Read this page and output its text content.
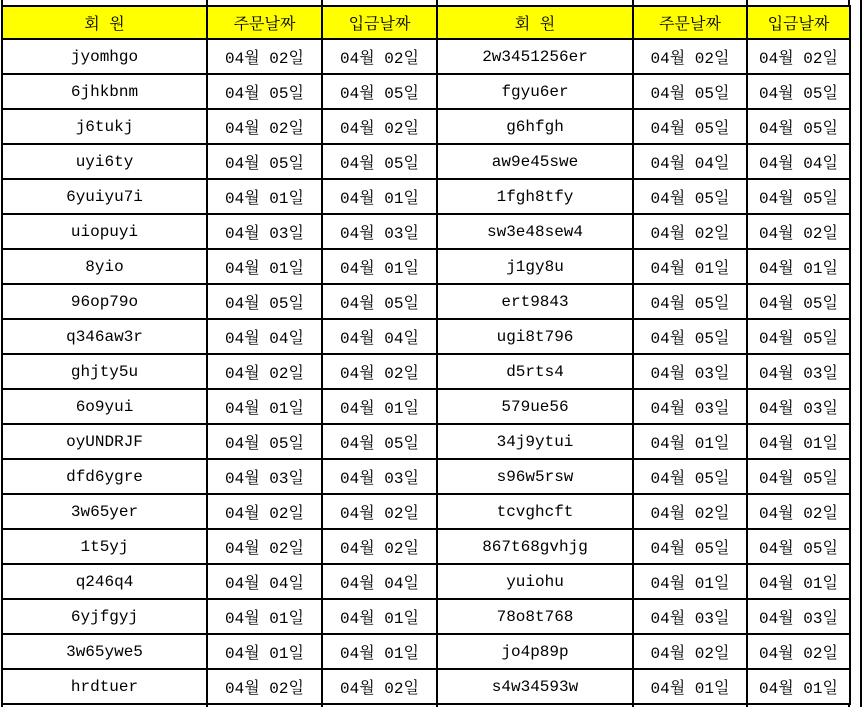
회 원	주문날짜	입금날짜	회 원	주문날짜	입금날짜
jyomhgo	04월 02일	04월 02일	2w3451256er	04월 02일	04월 02일
6jhkbnm	04월 05일	04월 05일	fgyu6er	04월 05일	04월 05일
j6tukj	04월 02일	04월 02일	g6hfgh	04월 05일	04월 05일
uyi6ty	04월 05일	04월 05일	aw9e45swe	04월 04일	04월 04일
6yuiyu7i	04월 01일	04월 01일	1fgh8tfy	04월 05일	04월 05일
uiopuyi	04월 03일	04월 03일	sw3e48sew4	04월 02일	04월 02일
8yio	04월 01일	04월 01일	j1gy8u	04월 01일	04월 01일
96op79o	04월 05일	04월 05일	ert9843	04월 05일	04월 05일
q346aw3r	04월 04일	04월 04일	ugi8t796	04월 05일	04월 05일
ghjty5u	04월 02일	04월 02일	d5rts4	04월 03일	04월 03일
6o9yui	04월 01일	04월 01일	579ue56	04월 03일	04월 03일
oyUNDRJF	04월 05일	04월 05일	34j9ytui	04월 01일	04월 01일
dfd6ygre	04월 03일	04월 03일	s96w5rsw	04월 05일	04월 05일
3w65yer	04월 02일	04월 02일	tcvghcft	04월 02일	04월 02일
1t5yj	04월 02일	04월 02일	867t68gvhjg	04월 05일	04월 05일
q246q4	04월 04일	04월 04일	yuiohu	04월 01일	04월 01일
6yjfgyj	04월 01일	04월 01일	78o8t768	04월 03일	04월 03일
3w65ywe5	04월 01일	04월 01일	jo4p89p	04월 02일	04월 02일
hrdtuer	04월 02일	04월 02일	s4w34593w	04월 01일	04월 01일
